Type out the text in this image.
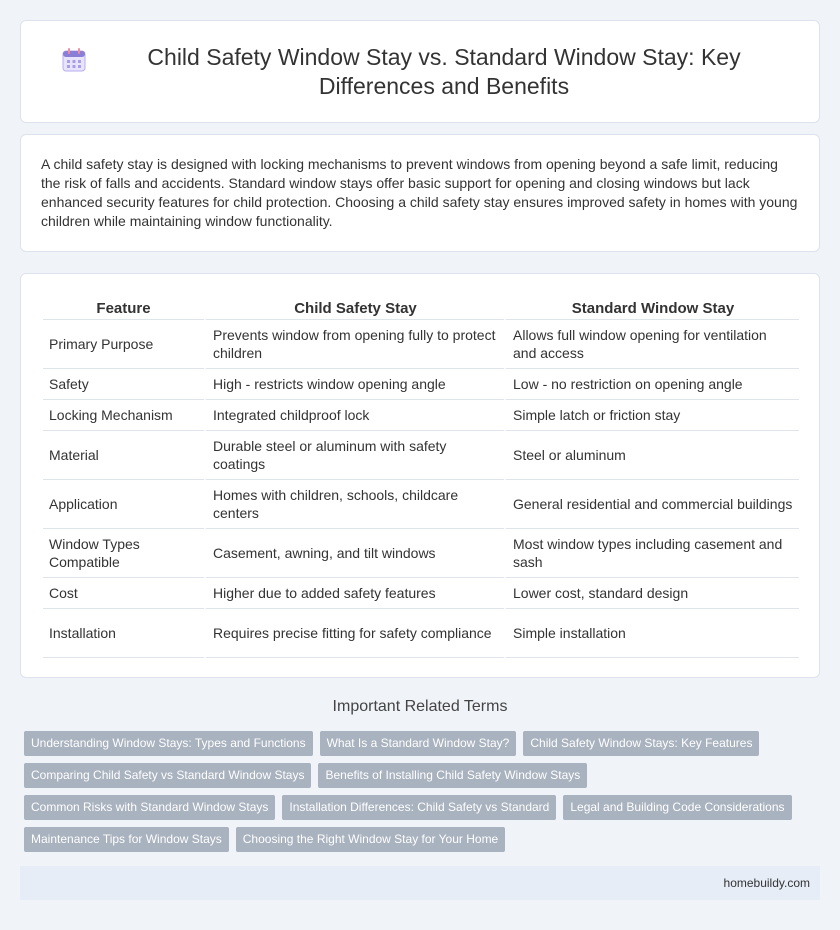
Child Safety Window Stay vs. Standard Window Stay: Key Differences and Benefits

A child safety stay is designed with locking mechanisms to prevent windows from opening beyond a safe limit, reducing the risk of falls and accidents. Standard window stays offer basic support for opening and closing windows but lack enhanced security features for child protection. Choosing a child safety stay ensures improved safety in homes with young children while maintaining window functionality.

Feature	Child Safety Stay	Standard Window Stay
Primary Purpose	Prevents window from opening fully to protect children	Allows full window opening for ventilation and access
Safety	High - restricts window opening angle	Low - no restriction on opening angle
Locking Mechanism	Integrated childproof lock	Simple latch or friction stay
Material	Durable steel or aluminum with safety coatings	Steel or aluminum
Application	Homes with children, schools, childcare centers	General residential and commercial buildings
Window Types Compatible	Casement, awning, and tilt windows	Most window types including casement and sash
Cost	Higher due to added safety features	Lower cost, standard design
Installation	Requires precise fitting for safety compliance	Simple installation
Important Related Terms
Understanding Window Stays: Types and Functions	What Is a Standard Window Stay?	Child Safety Window Stays: Key Features
Comparing Child Safety vs Standard Window Stays	Benefits of Installing Child Safety Window Stays
Common Risks with Standard Window Stays	Installation Differences: Child Safety vs Standard	Legal and Building Code Considerations
Maintenance Tips for Window Stays	Choosing the Right Window Stay for Your Home
homebuildy.com
